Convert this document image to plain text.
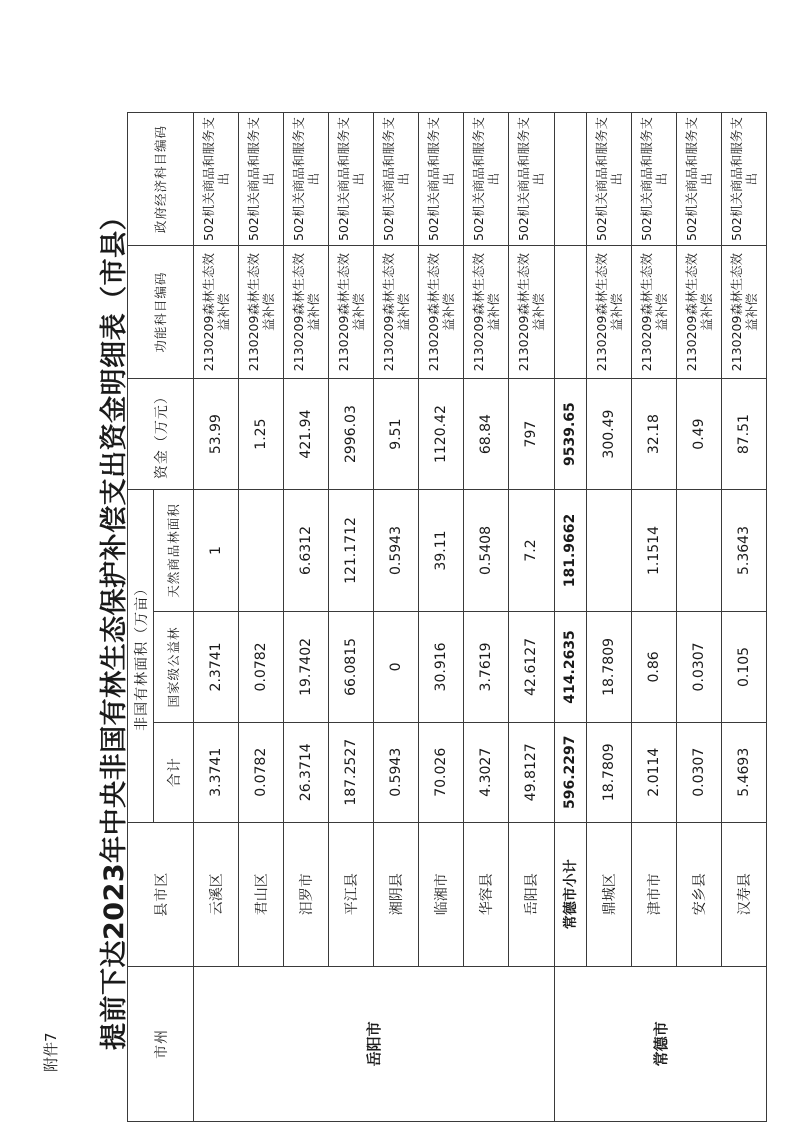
附件7
提前下达2023年中央非国有林生态保护补偿支出资金明细表（市县） 市州	县市区	非国有林面积（万亩）			资金（万元）	功能科目编码	政府经济科目编码
		合计	国家级公益林	天然商品林面积			
岳阳市	云溪区	3.3741	2.3741	1	53.99	2130209森林生态效益补偿	502机关商品和服务支出
	君山区	0.0782	0.0782		1.25	2130209森林生态效益补偿	502机关商品和服务支出
	汨罗市	26.3714	19.7402	6.6312	421.94	2130209森林生态效益补偿	502机关商品和服务支出
	平江县	187.2527	66.0815	121.1712	2996.03	2130209森林生态效益补偿	502机关商品和服务支出
	湘阴县	0.5943	0	0.5943	9.51	2130209森林生态效益补偿	502机关商品和服务支出
	临湘市	70.026	30.916	39.11	1120.42	2130209森林生态效益补偿	502机关商品和服务支出
	华容县	4.3027	3.7619	0.5408	68.84	2130209森林生态效益补偿	502机关商品和服务支出
	岳阳县	49.8127	42.6127	7.2	797	2130209森林生态效益补偿	502机关商品和服务支出
常德市	常德市小计	596.2297	414.2635	181.9662	9539.65		
	鼎城区	18.7809	18.7809		300.49	2130209森林生态效益补偿	502机关商品和服务支出
	津市市	2.0114	0.86	1.1514	32.18	2130209森林生态效益补偿	502机关商品和服务支出
	安乡县	0.0307	0.0307		0.49	2130209森林生态效益补偿	502机关商品和服务支出
	汉寿县	5.4693	0.105	5.3643	87.51	2130209森林生态效益补偿	502机关商品和服务支出
